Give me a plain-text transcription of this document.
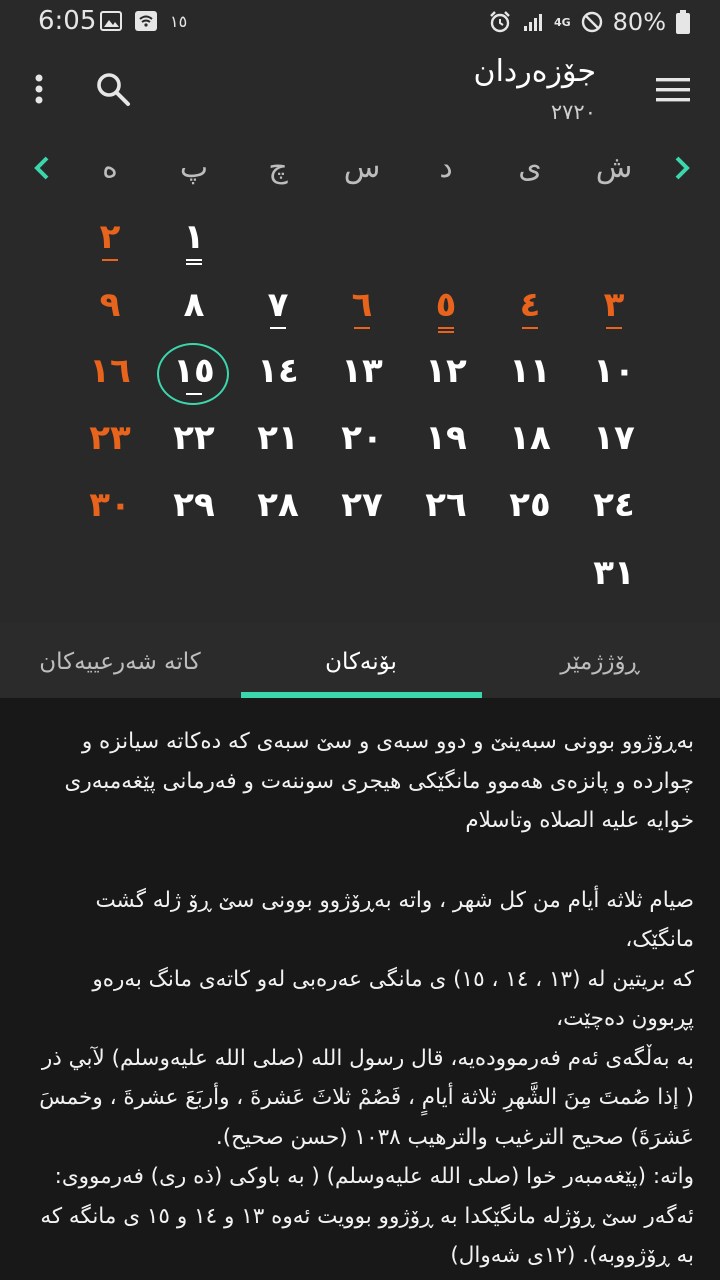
6:05	١٥	4G 80%
جۆزەردان
٢٧٢٠
ش
ی
د
س
چ
پ
ه
١
٢
٣
٤
٥
٦
٧
٨
٩
١٠
١١
١٢
١٣
١٤
١٥
١٦
١٧
١٨
١٩
٢٠
٢١
٢٢
٢٣
٢٤
٢٥
٢٦
٢٧
٢٨
٢٩
٣٠
٣١
ڕۆژژمێر
بۆنەکان
کاتە شەرعییەکان

بەڕۆژوو بوونی سبەینێ و دوو سبەی و سێ سبەی کە دەکاتە سیانزە و چواردە و پانزەی هەموو مانگێکی هیجری سوننەت و فەرمانی پێغەمبەری خوایە علیە الصلاە وتاسلام

صيام ثلاثه أيام من كل شهر ، واتە بەڕۆژوو بوونی سێ ڕۆ ژلە گشت مانگێک،
کە بریتین لە (١٣ ، ١٤ ، ١٥) ی مانگی عەرەبی لەو کاتەی مانگ بەرەو پڕبوون دەچێت،
بە بەڵگەی ئەم فەرموودەیە، قال رسول الله (صلى الله عليه‌وسلم) لآبي ذر ( إذا صُمتَ مِنَ الشَّهرِ ثلاثة أيامٍ ، فَصُمْ ثلاثَ عَشرةَ ، وأربَعَ عشرةَ ، وخمسَ عَشرَةَ) صحيح الترغيب والترهيب ١٠٣٨ (حسن صحيح).
واتە: (پێغەمبەر خوا (صلى الله عليه‌وسلم) ( بە باوکی (ذە ری) فەرمووی: ئەگەر سێ ڕۆژلە مانگێکدا بە ڕۆژوو بوویت ئەوە ١٣ و ١٤ و ١٥ ی مانگە کە بە ڕۆژووبە). (١٢ی شەوال)
